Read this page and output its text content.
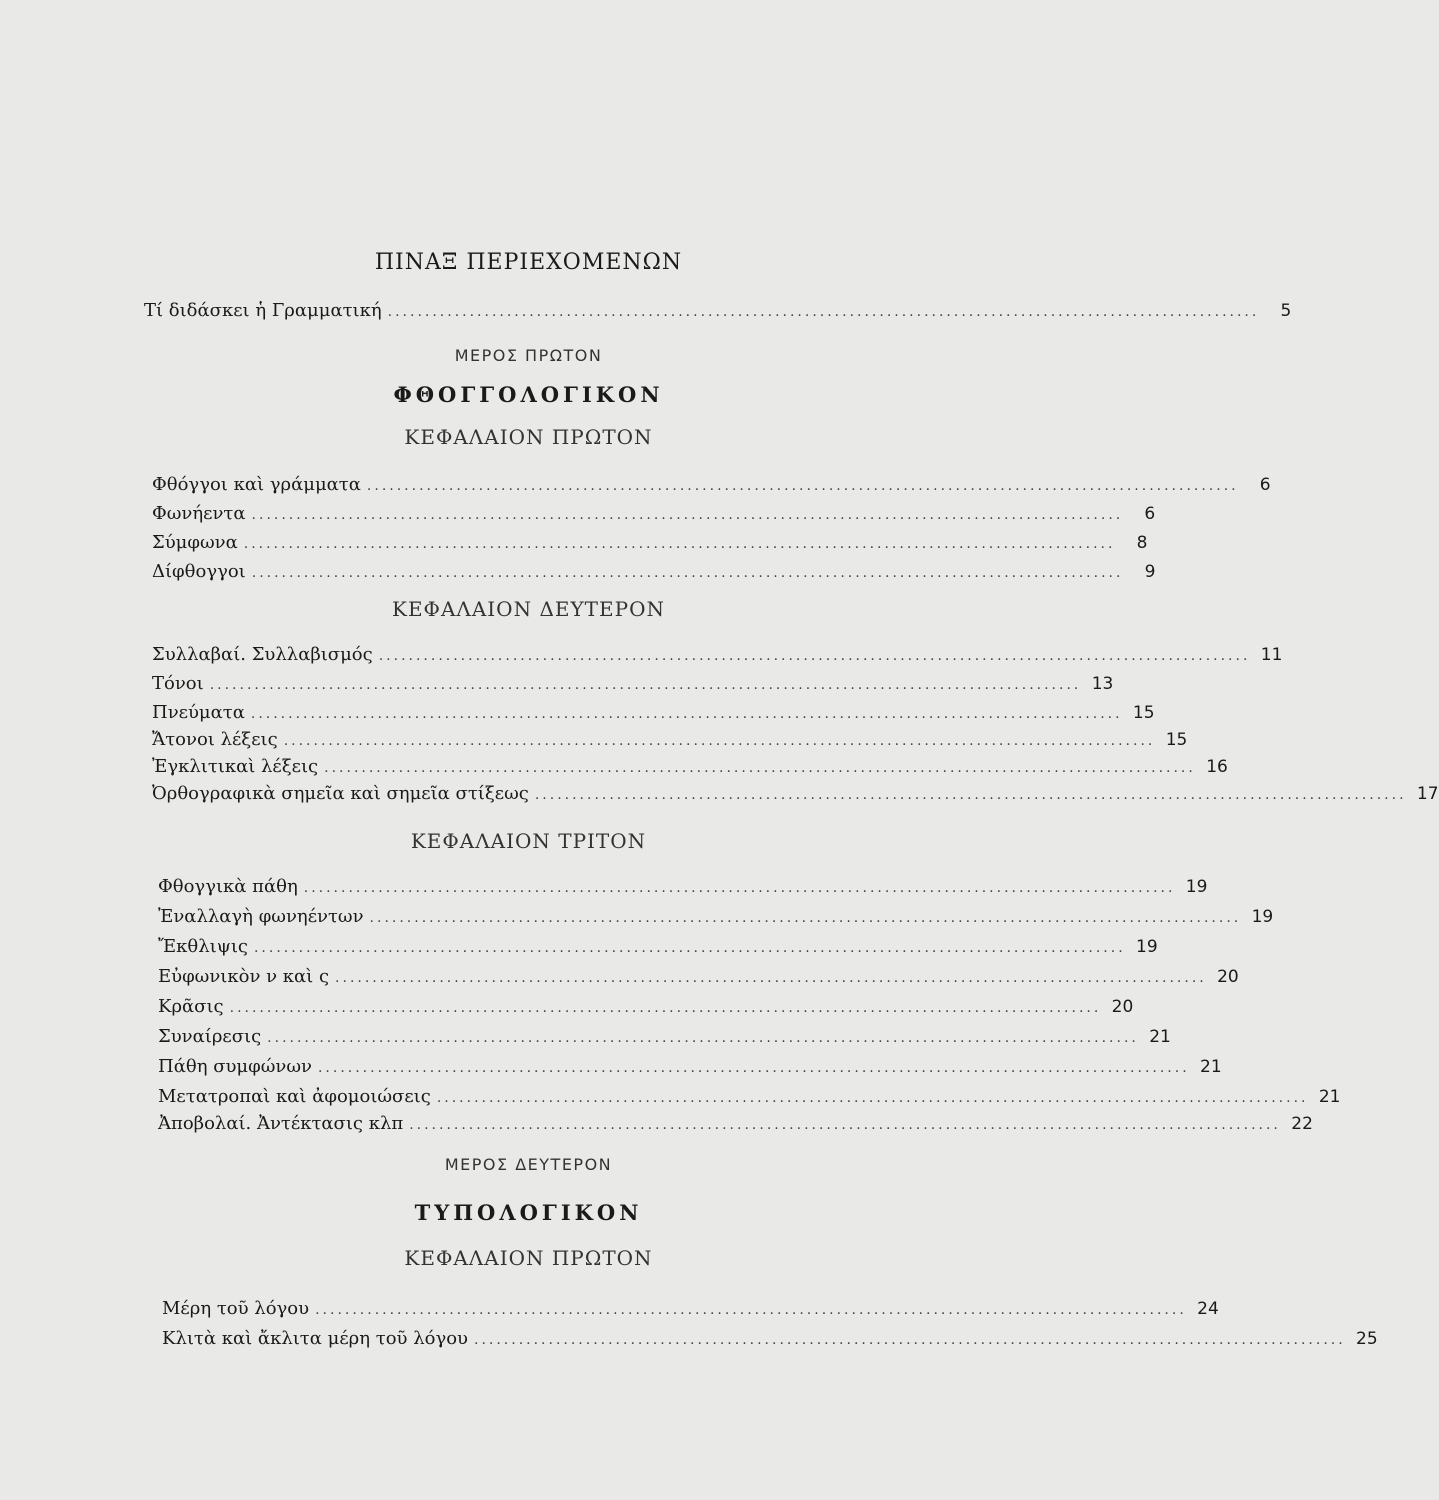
ΠΙΝΑΞ ΠΕΡΙΕΧΟΜΕΝΩΝ
Τί διδάσκει ἡ Γραμματική .....................................................................................................................	5
ΜΕΡΟΣ ΠΡΩΤΟΝ
ΦΘΟΓΓΟΛΟΓΙΚΟΝ
ΚΕΦΑΛΑΙΟΝ ΠΡΩΤΟΝ
Φθόγγοι καὶ γράμματα .....................................................................................................................	6
Φωνήεντα .....................................................................................................................	6
Σύμφωνα .....................................................................................................................	8
Δίφθογγοι .....................................................................................................................	9
ΚΕΦΑΛΑΙΟΝ ΔΕΥΤΕΡΟΝ
Συλλαβαί. Συλλαβισμός ..................................................................................................................... 11
Τόνοι ..................................................................................................................... 13
Πνεύματα ..................................................................................................................... 15
Ἄτονοι λέξεις ..................................................................................................................... 15
Ἐγκλιτικαὶ λέξεις ..................................................................................................................... 16
Ὀρθογραφικὰ σημεῖα καὶ σημεῖα στίξεως ..................................................................................................................... 17
ΚΕΦΑΛΑΙΟΝ ΤΡΙΤΟΝ
Φθογγικὰ πάθη ..................................................................................................................... 19
Ἐναλλαγὴ φωνηέντων ..................................................................................................................... 19
Ἔκθλιψις ..................................................................................................................... 19
Εὐφωνικὸν ν καὶ ς ..................................................................................................................... 20
Κρᾶσις ..................................................................................................................... 20
Συναίρεσις ..................................................................................................................... 21
Πάθη συμφώνων ..................................................................................................................... 21
Μετατροπαὶ καὶ ἀφομοιώσεις ..................................................................................................................... 21
Ἀποβολαί. Ἀντέκτασις κλπ ..................................................................................................................... 22
ΜΕΡΟΣ ΔΕΥΤΕΡΟΝ
ΤΥΠΟΛΟΓΙΚΟΝ
ΚΕΦΑΛΑΙΟΝ ΠΡΩΤΟΝ
Μέρη τοῦ λόγου ..................................................................................................................... 24
Κλιτὰ καὶ ἄκλιτα μέρη τοῦ λόγου ..................................................................................................................... 25
